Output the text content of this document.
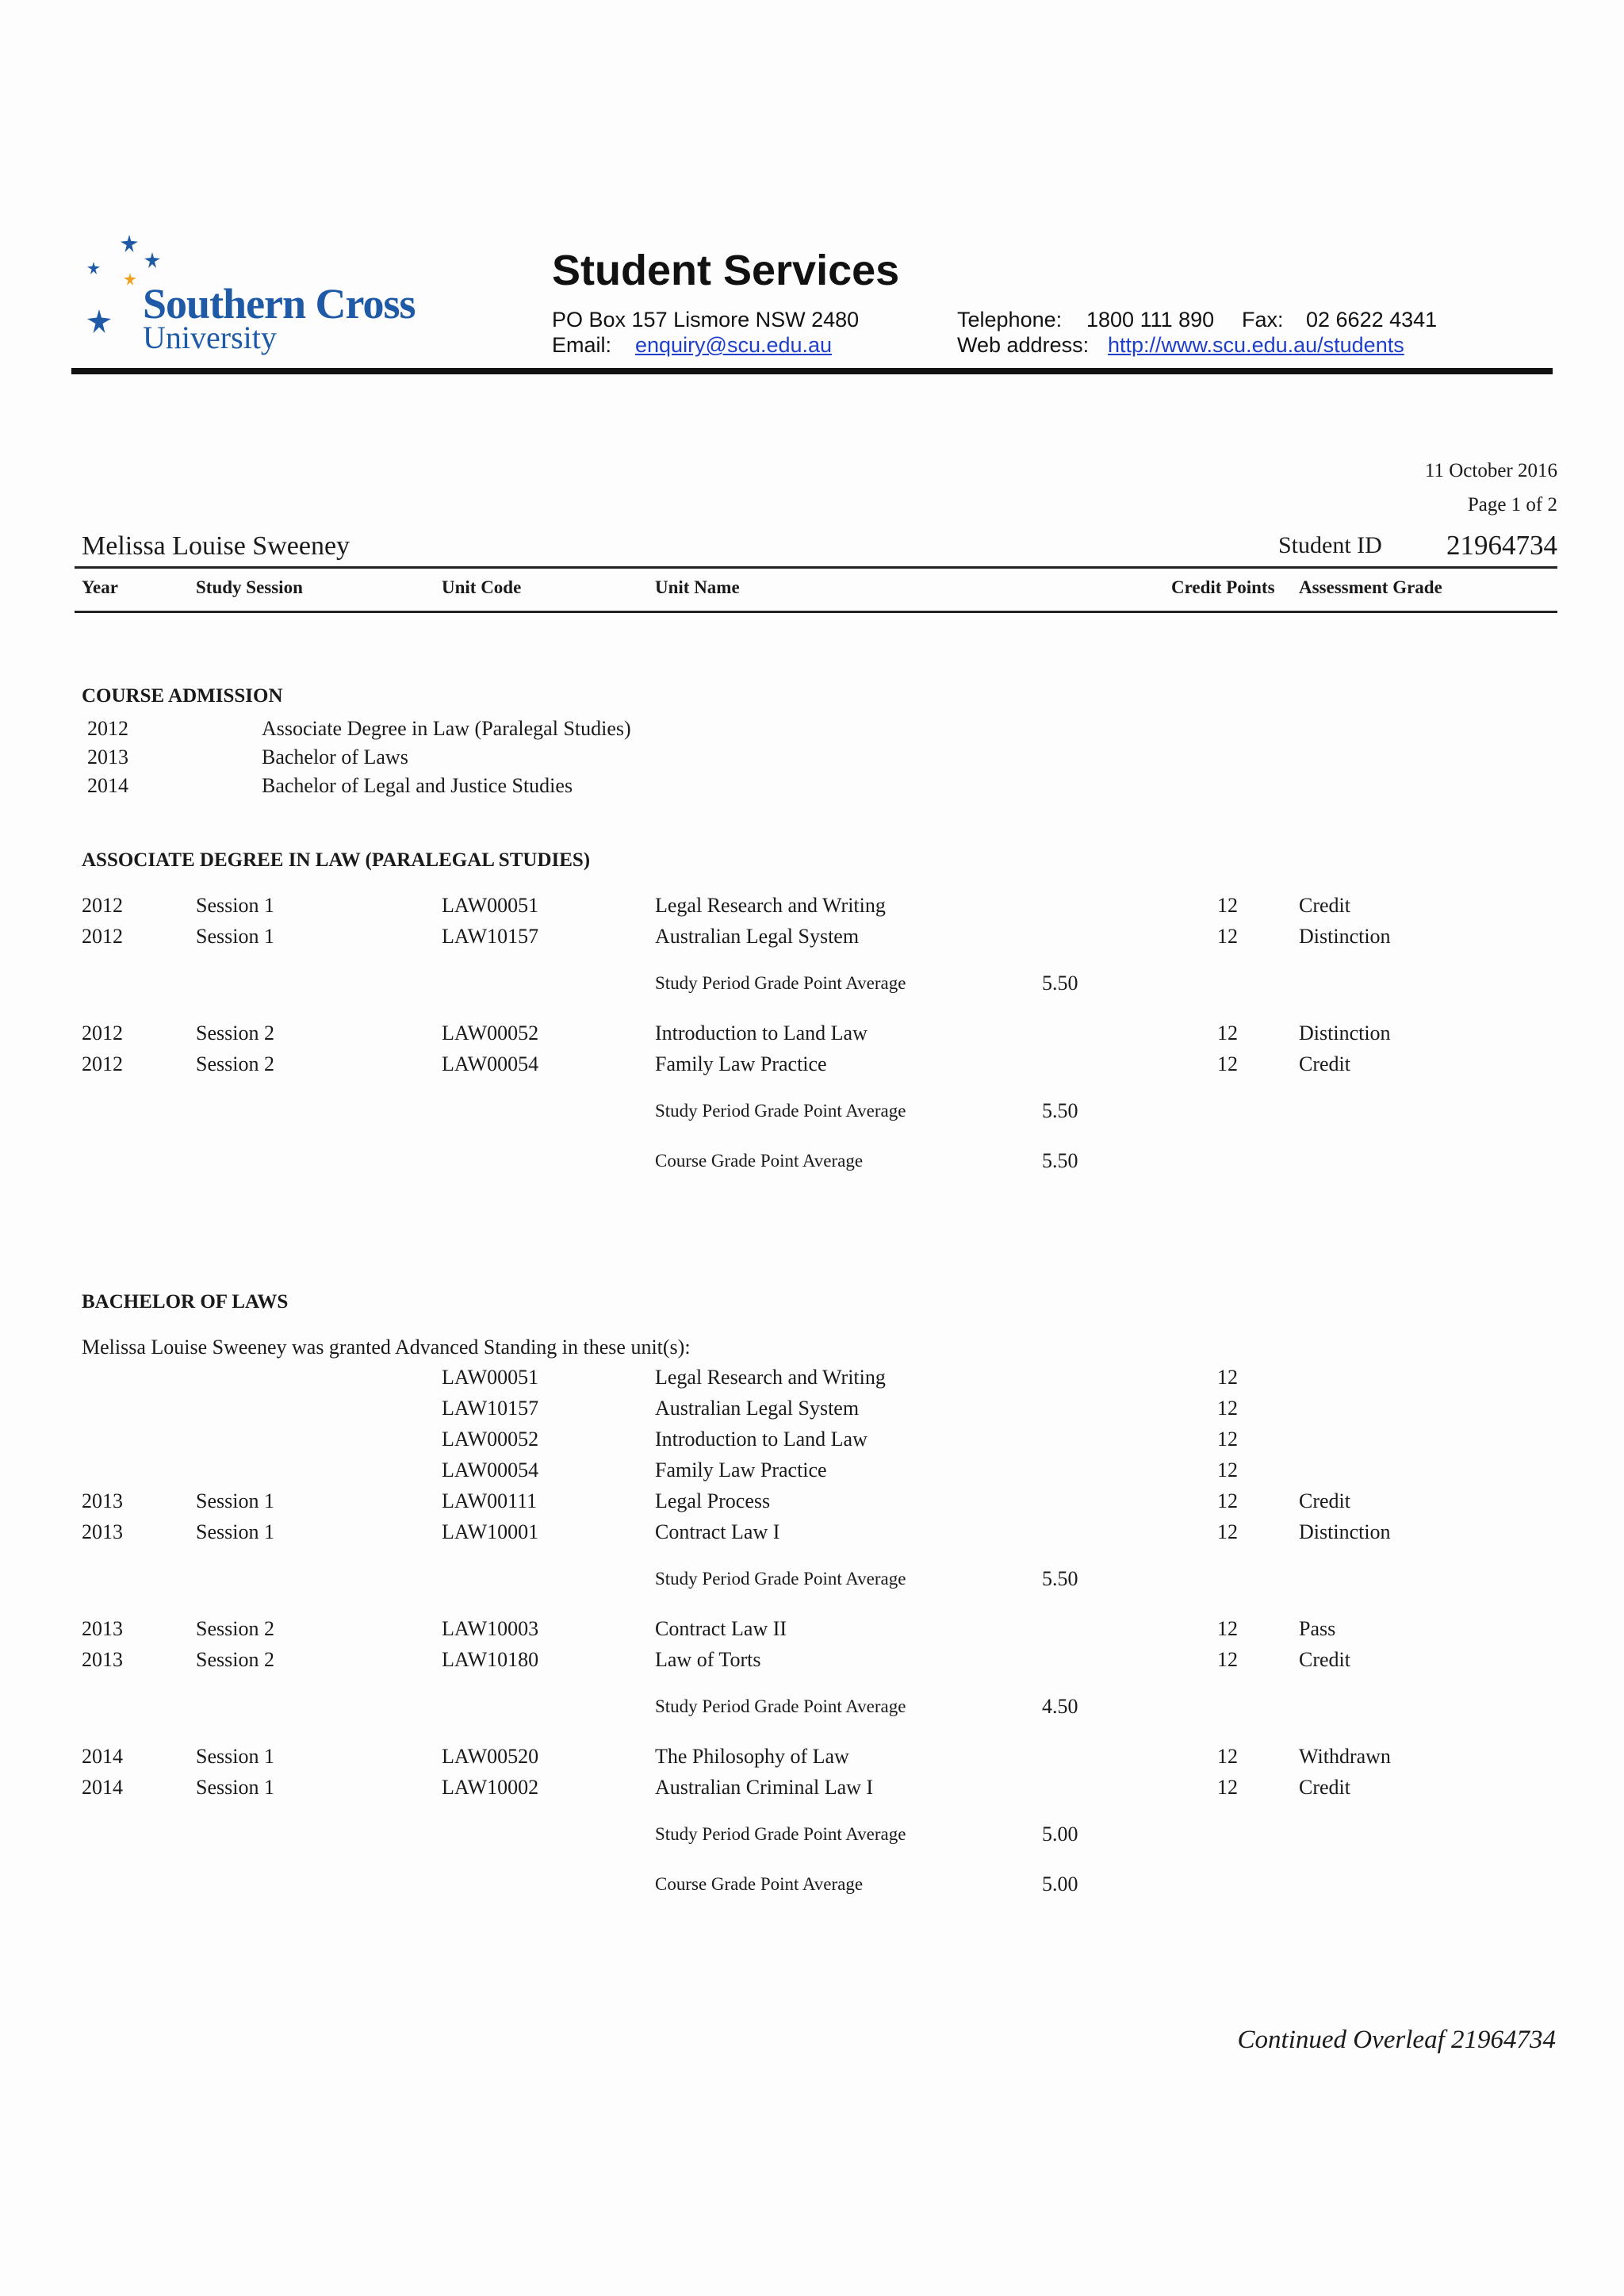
Southern Cross
University
Student Services
PO Box 157 Lismore NSW 2480
Email: enquiry@scu.edu.au
Telephone: 1800 111 890 Fax: 02 6622 4341
Web address: http://www.scu.edu.au/students
11 October 2016
Page 1 of 2
Melissa Louise Sweeney	Student ID 21964734
Year	Study Session	Unit Code	Unit Name	Credit Points Assessment Grade
COURSE ADMISSION
2012	Associate Degree in Law (Paralegal Studies)
2013	Bachelor of Laws
2014	Bachelor of Legal and Justice Studies
ASSOCIATE DEGREE IN LAW (PARALEGAL STUDIES)
2012	Session 1	LAW00051	Legal Research and Writing	12	Credit
2012	Session 1	LAW10157	Australian Legal System	12	Distinction
Study Period Grade Point Average	5.50
2012	Session 2	LAW00052	Introduction to Land Law	12	Distinction
2012	Session 2	LAW00054	Family Law Practice	12	Credit
Study Period Grade Point Average	5.50
Course Grade Point Average	5.50
BACHELOR OF LAWS
Melissa Louise Sweeney was granted Advanced Standing in these unit(s):
LAW00051	Legal Research and Writing	12
LAW10157	Australian Legal System	12
LAW00052	Introduction to Land Law	12
LAW00054	Family Law Practice	12
2013	Session 1	LAW00111	Legal Process	12	Credit
2013	Session 1	LAW10001	Contract Law I	12	Distinction
Study Period Grade Point Average	5.50
2013	Session 2	LAW10003	Contract Law II	12	Pass
2013	Session 2	LAW10180	Law of Torts	12	Credit
Study Period Grade Point Average	4.50
2014	Session 1	LAW00520	The Philosophy of Law	12	Withdrawn
2014	Session 1	LAW10002	Australian Criminal Law I	12	Credit
Study Period Grade Point Average	5.00
Course Grade Point Average	5.00
Continued Overleaf 21964734
